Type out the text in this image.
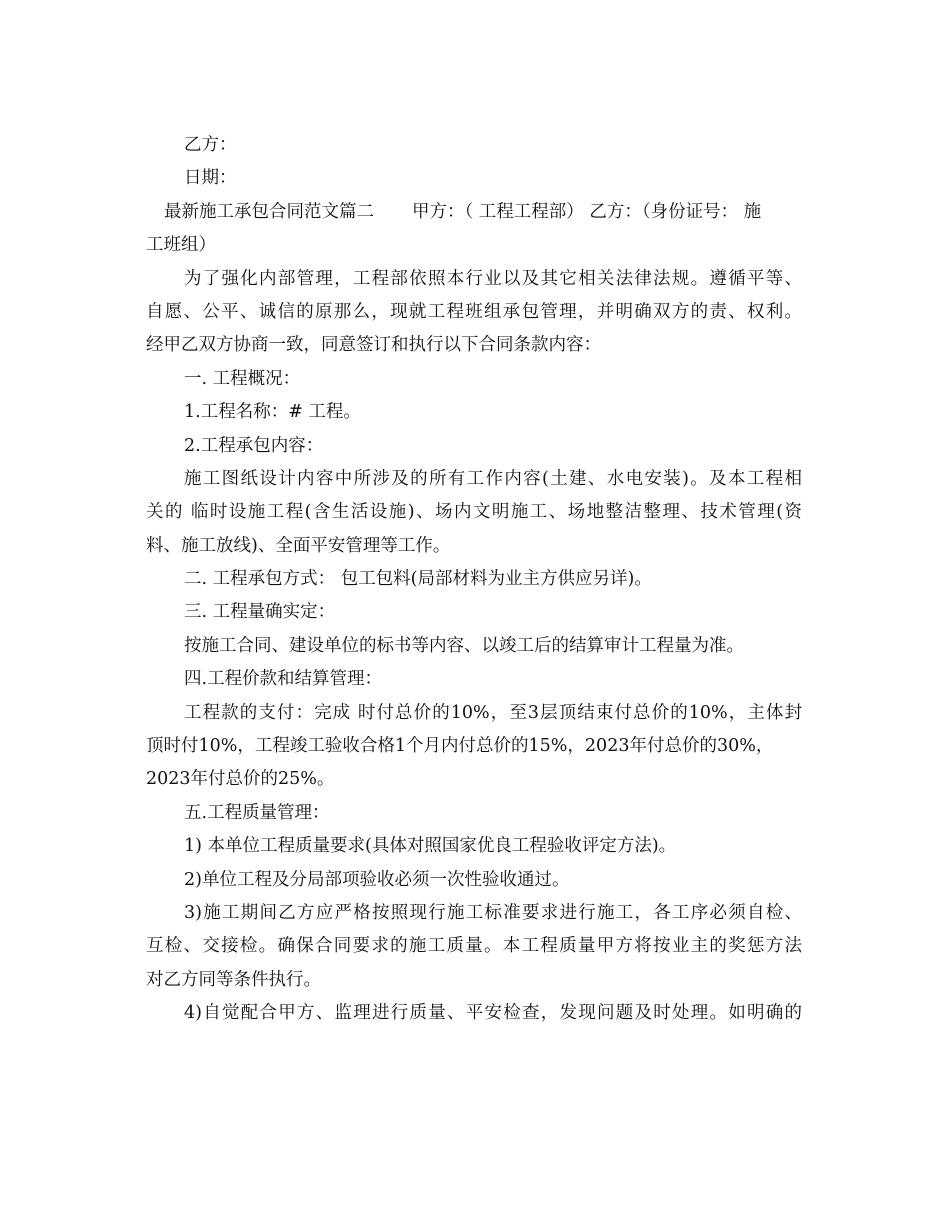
乙方：
日期：
最新施工承包合同范文篇二 甲方：（ 工程工程部） 乙方：（身份证号： 施
工班组）
为了强化内部管理，工程部依照本行业以及其它相关法律法规。遵循平等、
自愿、公平、诚信的原那么，现就工程班组承包管理，并明确双方的责、权利。
经甲乙双方协商一致，同意签订和执行以下合同条款内容：
一. 工程概况：
1.工程名称：# 工程。
2.工程承包内容：
施工图纸设计内容中所涉及的所有工作内容(土建、水电安装)。及本工程相
关的 临时设施工程(含生活设施)、场内文明施工、场地整洁整理、技术管理(资
料、施工放线)、全面平安管理等工作。
二. 工程承包方式： 包工包料(局部材料为业主方供应另详)。
三. 工程量确实定：
按施工合同、建设单位的标书等内容、以竣工后的结算审计工程量为准。
四.工程价款和结算管理：
工程款的支付：完成 时付总价的10%，至3层顶结束付总价的10%，主体封
顶时付10%，工程竣工验收合格1个月内付总价的15%，2023年付总价的30%，
2023年付总价的25%。
五.工程质量管理：
1) 本单位工程质量要求(具体对照国家优良工程验收评定方法)。
2)单位工程及分局部项验收必须一次性验收通过。
3)施工期间乙方应严格按照现行施工标准要求进行施工，各工序必须自检、
互检、交接检。确保合同要求的施工质量。本工程质量甲方将按业主的奖惩方法
对乙方同等条件执行。
4)自觉配合甲方、监理进行质量、平安检查，发现问题及时处理。如明确的
